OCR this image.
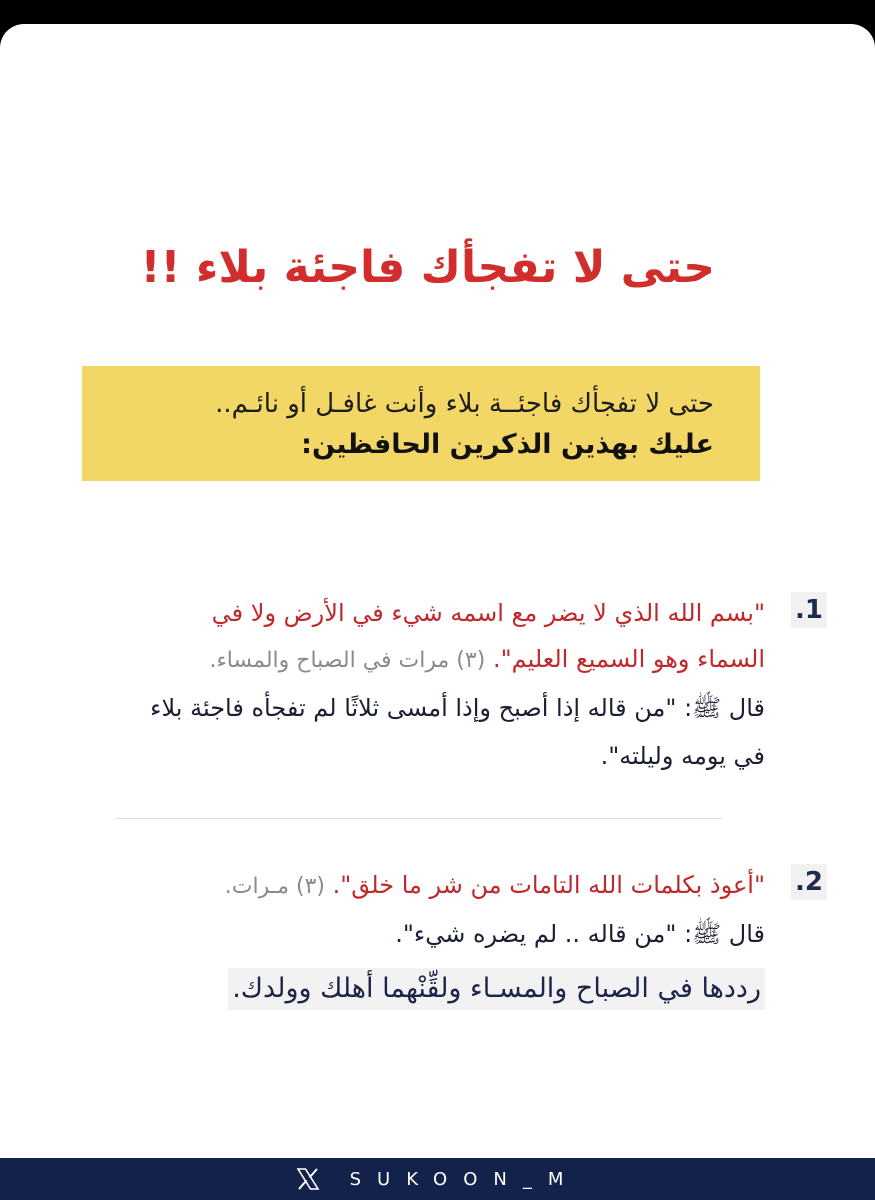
حتى لا تفجأك فاجئة بلاء !!
حتى لا تفجأك فاجئــة بلاء وأنت غافـل أو نائـم..
عليك بهذين الذكرين الحافظين:
.1
"بسم الله الذي لا يضر مع اسمه شيء في الأرض ولا في السماء وهو السميع العليم". (٣) مرات في الصباح والمساء.
قال ﷺ: "من قاله إذا أصبح وإذا أمسى ثلاثًا لم تفجأه فاجئة بلاء في يومه وليلته".
.2
"أعوذ بكلمات الله التامات من شر ما خلق". (٣) مـرات.
قال ﷺ: "من قاله .. لم يضره شيء".
رددها في الصباح والمسـاء ولقِّنْهما أهلك وولدك.
SUKOON_M
